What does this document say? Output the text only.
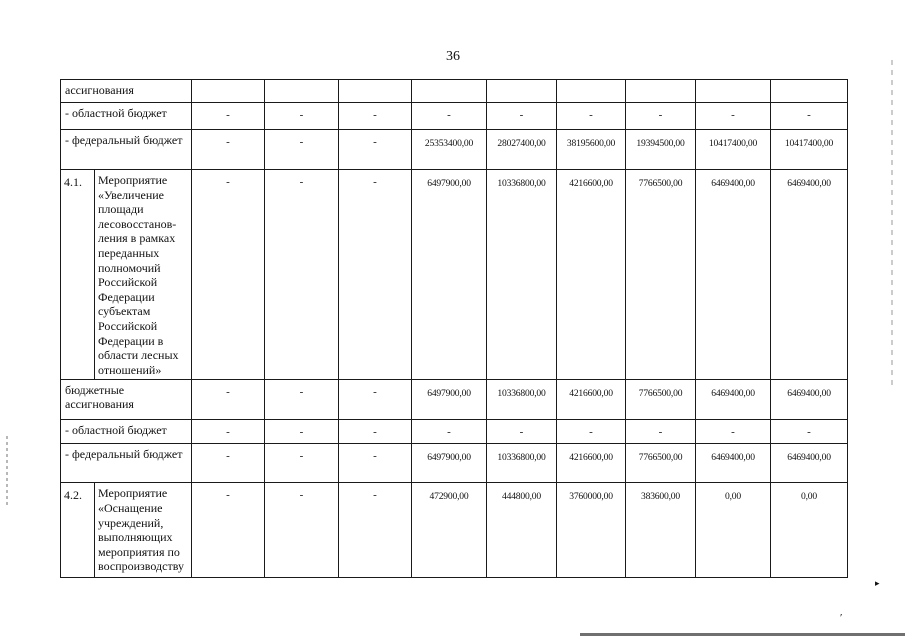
36
ассигнования										

- областной бюджет		-	-	-	-	-	-	-	-	-

- федеральный бюджет		-	-	-	25353400,00	28027400,00	38195600,00	19394500,00	10417400,00	10417400,00

4.1.	Мероприятие «Увеличение площади лесовосстанов- ления в рамках переданных полномочий Российской Федерации субъектам Российской Федерации в области лесных отношений»	-	-	-	6497900,00	10336800,00	4216600,00	7766500,00	6469400,00	6469400,00

бюджетные ассигнования		-	-	-	6497900,00	10336800,00	4216600,00	7766500,00	6469400,00	6469400,00

- областной бюджет		-	-	-	-	-	-	-	-	-

- федеральный бюджет		-	-	-	6497900,00	10336800,00	4216600,00	7766500,00	6469400,00	6469400,00

4.2.	Мероприятие «Оснащение учреждений, выполняющих мероприятия по воспроизводству	-	-	-	472900,00	444800,00	3760000,00	383600,00	0,00	0,00
▸
′
